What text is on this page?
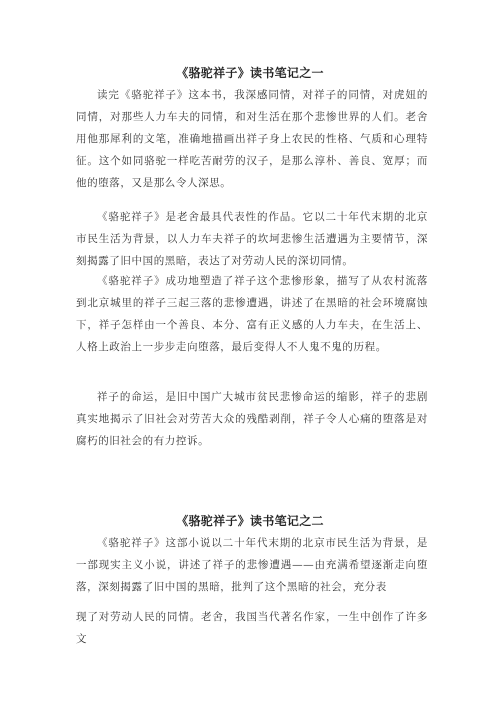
《骆驼祥子》读书笔记之一

读完《骆驼祥子》这本书，我深感同情，对祥子的同情，对虎妞的同情，对那些人力车夫的同情，和对生活在那个悲惨世界的人们。老舍用他那犀利的文笔，准确地描画出祥子身上农民的性格、气质和心理特征。这个如同骆驼一样吃苦耐劳的汉子，是那么淳朴、善良、宽厚；而他的堕落，又是那么令人深思。

《骆驼祥子》是老舍最具代表性的作品。它以二十年代末期的北京市民生活为背景，以人力车夫祥子的坎坷悲惨生活遭遇为主要情节，深刻揭露了旧中国的黑暗，表达了对劳动人民的深切同情。

《骆驼祥子》成功地塑造了祥子这个悲惨形象，描写了从农村流落到北京城里的祥子三起三落的悲惨遭遇，讲述了在黑暗的社会环境腐蚀下，祥子怎样由一个善良、本分、富有正义感的人力车夫，在生活上、人格上政治上一步步走向堕落，最后变得人不人鬼不鬼的历程。

祥子的命运，是旧中国广大城市贫民悲惨命运的缩影，祥子的悲剧真实地揭示了旧社会对劳苦大众的残酷剥削，祥子令人心痛的堕落是对腐朽的旧社会的有力控诉。

《骆驼祥子》读书笔记之二

《骆驼祥子》这部小说以二十年代末期的北京市民生活为背景，是一部现实主义小说，讲述了祥子的悲惨遭遇——由充满希望逐渐走向堕落，深刻揭露了旧中国的黑暗，批判了这个黑暗的社会，充分表

现了对劳动人民的同情。老舍，我国当代著名作家，一生中创作了许多文
